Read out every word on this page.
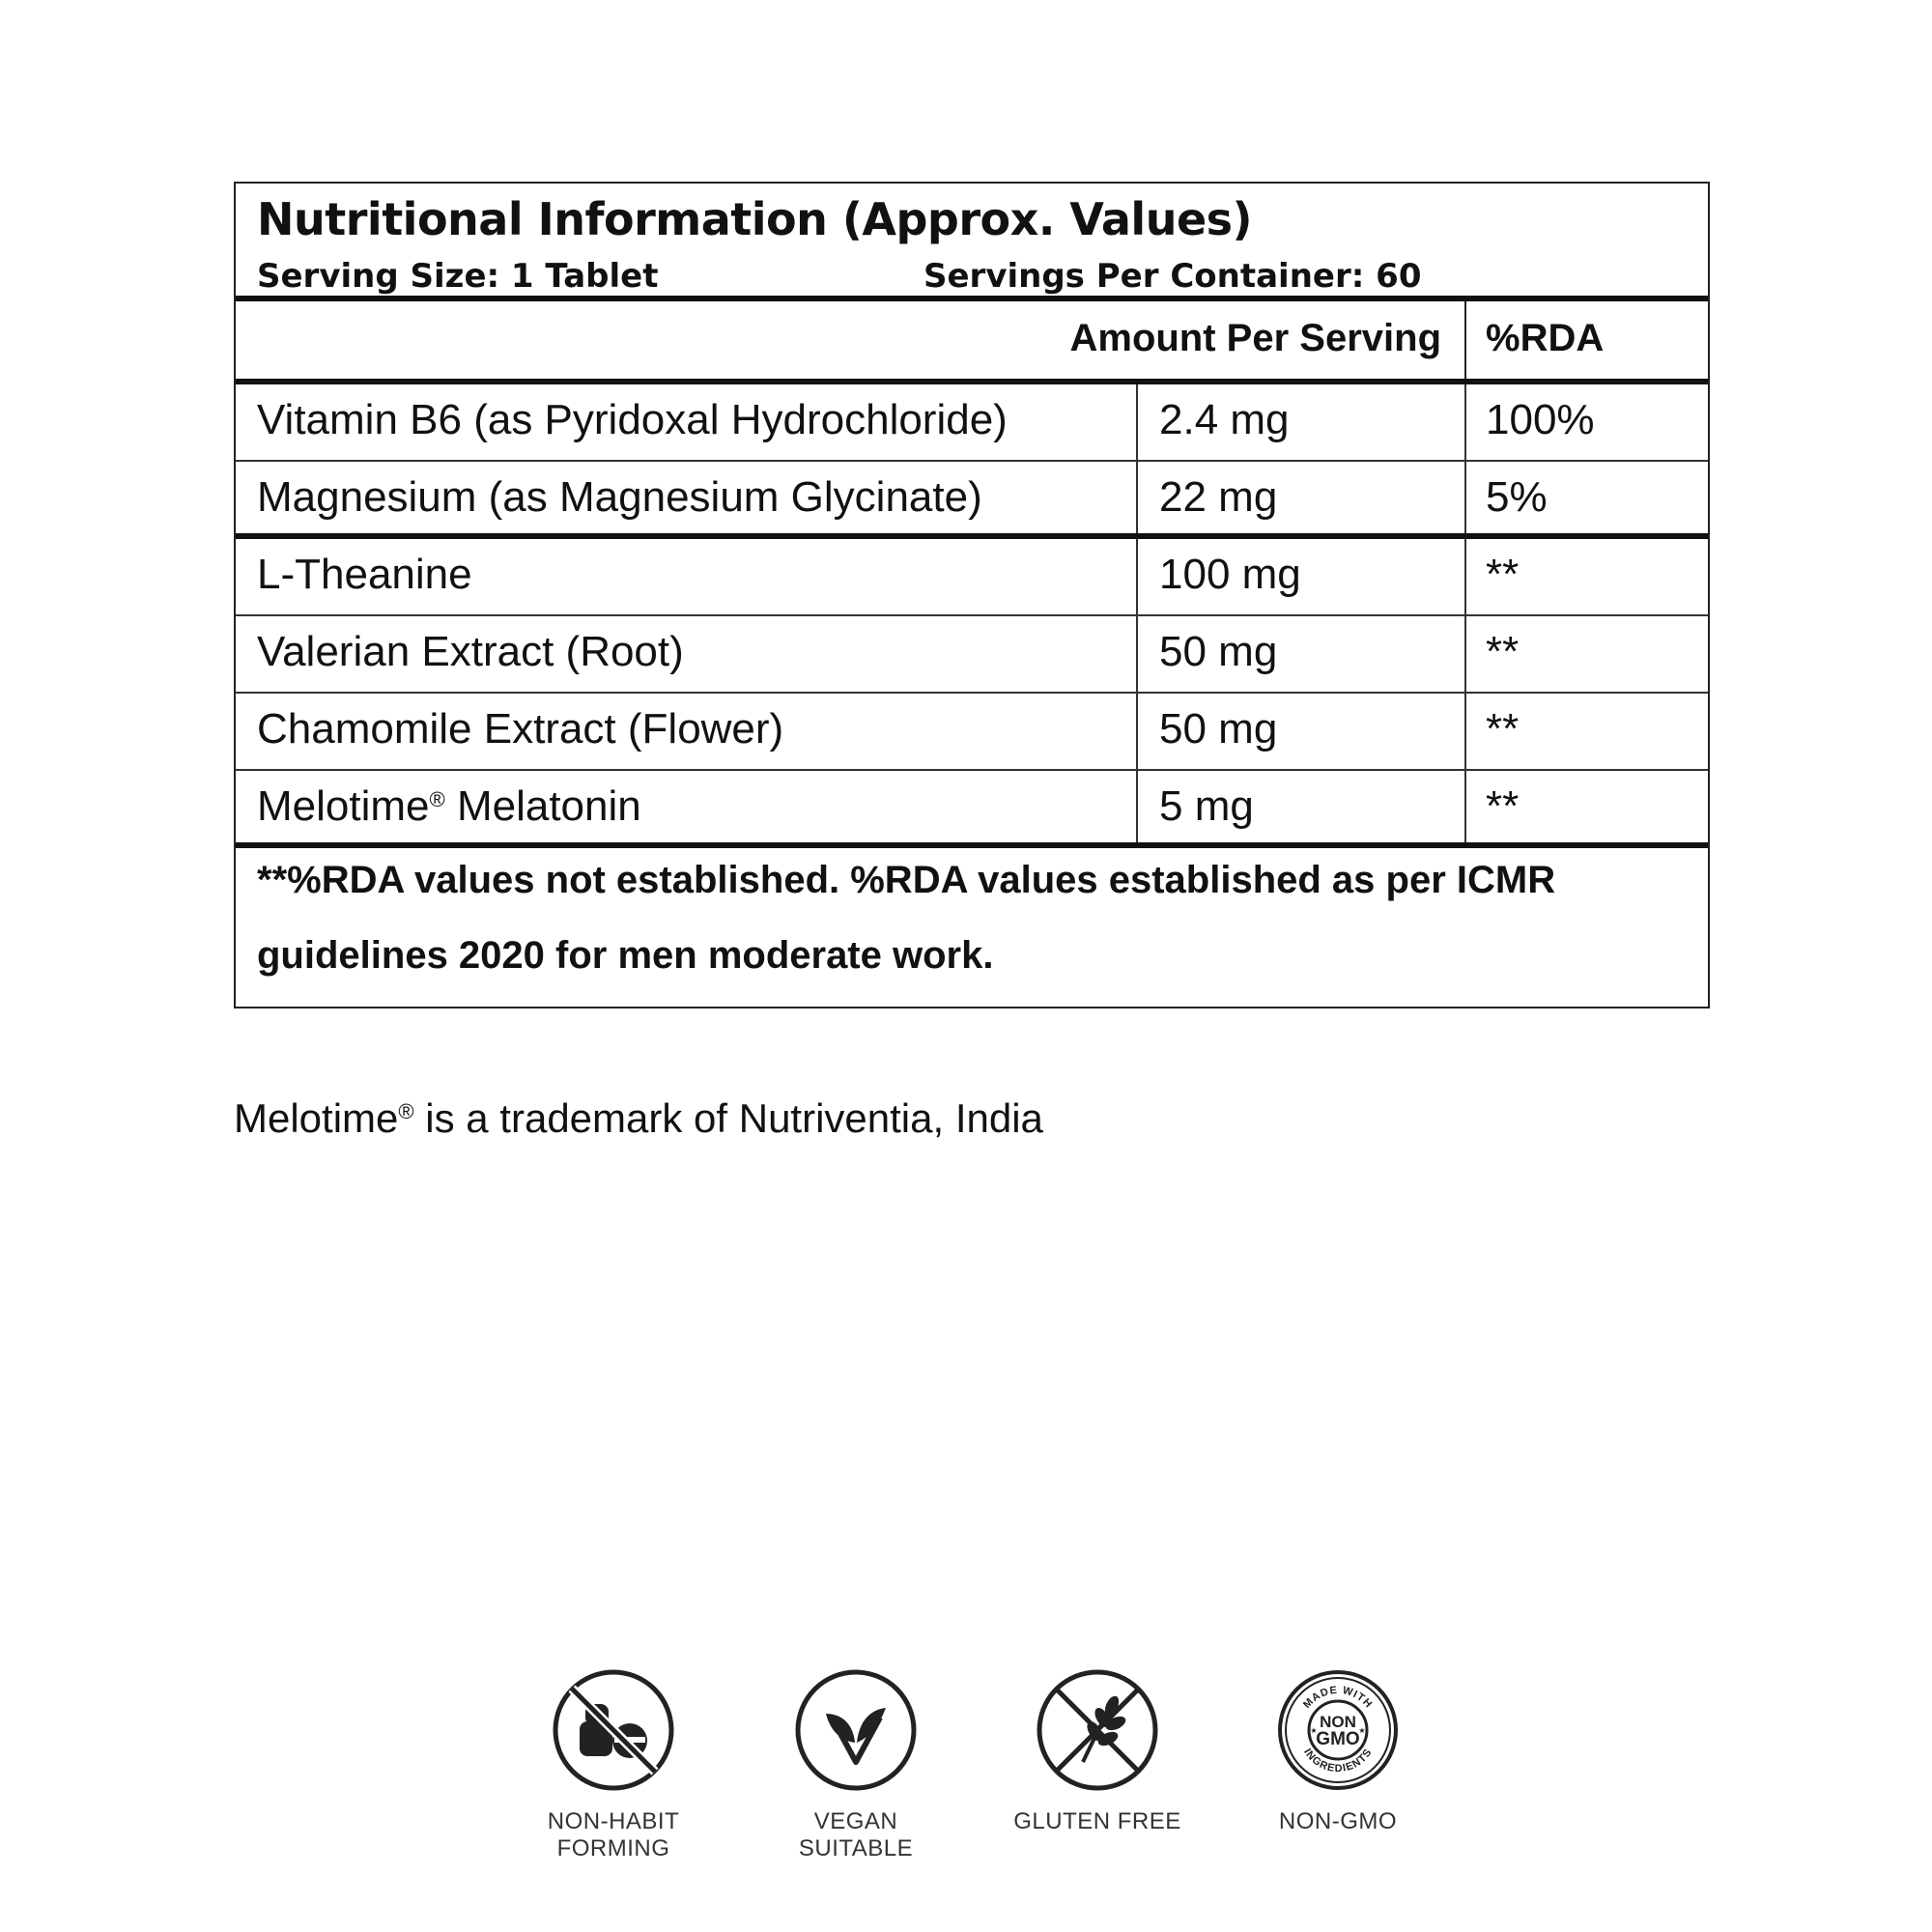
Nutritional Information (Approx. Values)
Serving Size: 1 Tablet	Servings Per Container: 60
Amount Per Serving %RDA
Vitamin B6 (as Pyridoxal Hydrochloride)	2.4 mg	100%
Magnesium (as Magnesium Glycinate)	22 mg	5%
L-Theanine	100 mg	**
Valerian Extract (Root)	50 mg	**
Chamomile Extract (Flower)	50 mg	**
Melotime® Melatonin	5 mg	**
**%RDA values not established. %RDA values established as per ICMR guidelines 2020 for men moderate work.
Melotime® is a trademark of Nutriventia, India
NON-HABIT
FORMING
VEGAN
SUITABLE
GLUTEN FREE
MADE WITH
INGREDIENTS
NON
GMO
★	★
NON-GMO
